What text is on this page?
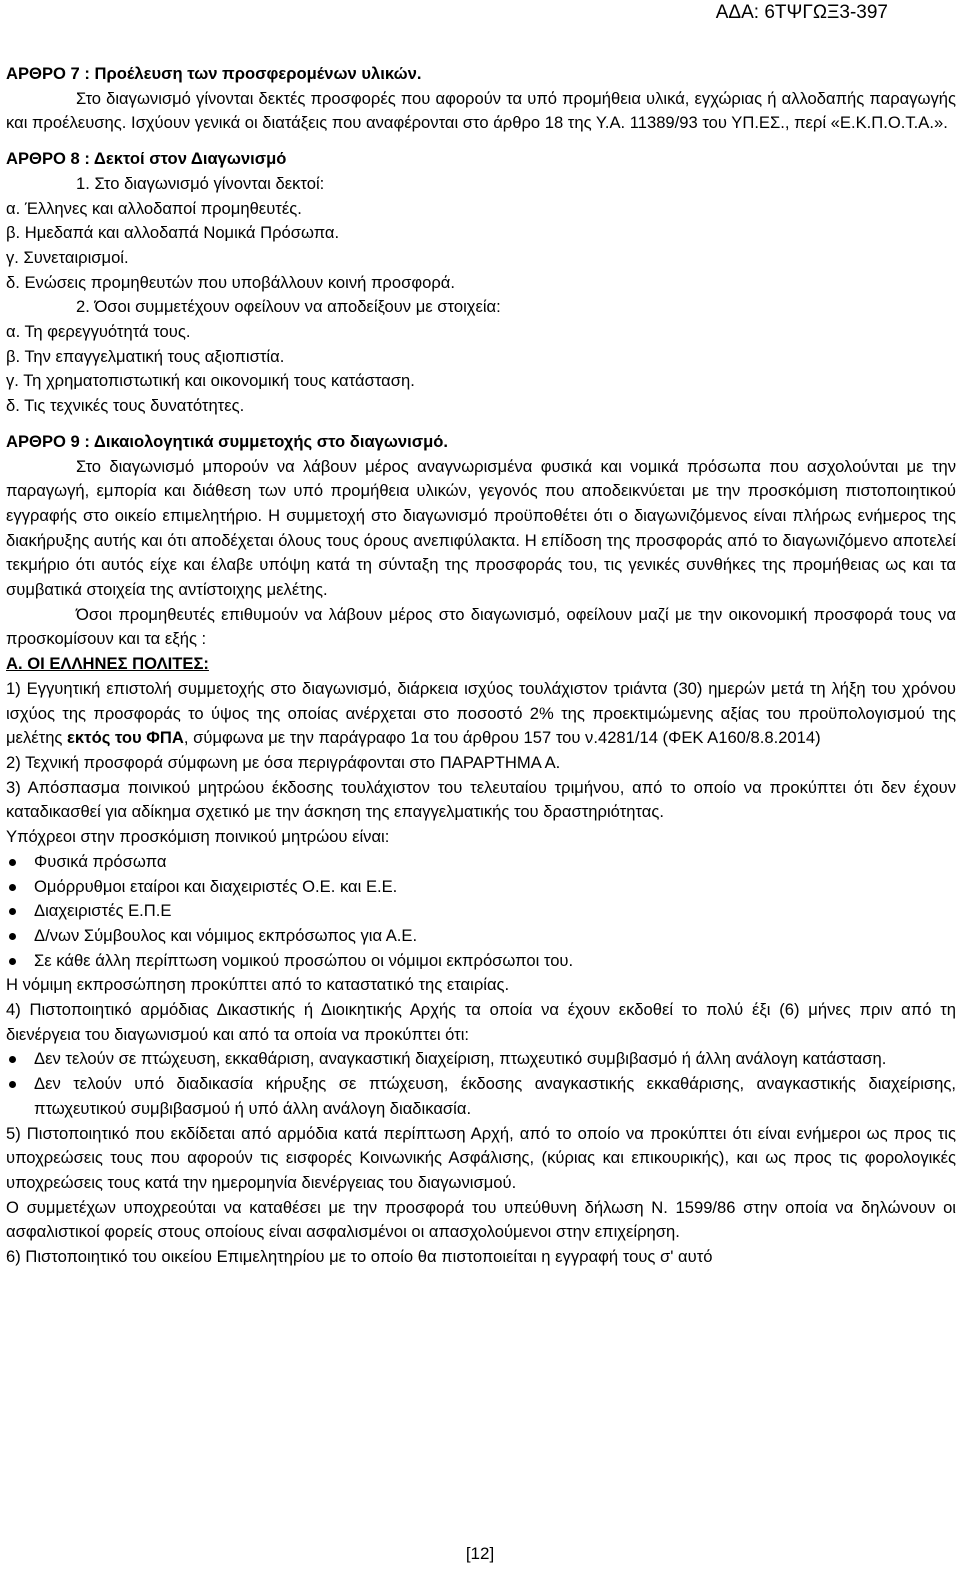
ΑΔΑ: 6ΤΨΓΩΞ3-397

ΑΡΘΡΟ 7 : Προέλευση των προσφερομένων υλικών.

Στο διαγωνισμό γίνονται δεκτές προσφορές που αφορούν τα υπό προμήθεια υλικά, εγχώριας ή αλλοδαπής παραγωγής και προέλευσης. Ισχύουν γενικά οι διατάξεις που αναφέρονται στο άρθρο 18 της Υ.Α. 11389/93 του ΥΠ.ΕΣ., περί «Ε.Κ.Π.Ο.Τ.Α.».

ΑΡΘΡΟ 8 : Δεκτοί στον Διαγωνισμό

1. Στο διαγωνισμό γίνονται δεκτοί:

α. Έλληνες και αλλοδαποί προμηθευτές.

β. Ημεδαπά και αλλοδαπά Νομικά Πρόσωπα.

γ. Συνεταιρισμοί.

δ. Ενώσεις προμηθευτών που υποβάλλουν κοινή προσφορά.

2. Όσοι συμμετέχουν οφείλουν να αποδείξουν με στοιχεία:

α. Τη φερεγγυότητά τους.

β. Την επαγγελματική τους αξιοπιστία.

γ. Τη χρηματοπιστωτική και οικονομική τους κατάσταση.

δ. Τις τεχνικές τους δυνατότητες.

ΑΡΘΡΟ 9 : Δικαιολογητικά συμμετοχής στο διαγωνισμό.

Στο διαγωνισμό μπορούν να λάβουν μέρος αναγνωρισμένα φυσικά και νομικά πρόσωπα που ασχολούνται με την παραγωγή, εμπορία και διάθεση των υπό προμήθεια υλικών, γεγονός που αποδεικνύεται με την προσκόμιση πιστοποιητικού εγγραφής στο οικείο επιμελητήριο. Η συμμετοχή στο διαγωνισμό προϋποθέτει ότι ο διαγωνιζόμενος είναι πλήρως ενήμερος της διακήρυξης αυτής και ότι αποδέχεται όλους τους όρους ανεπιφύλακτα. Η επίδοση της προσφοράς από το διαγωνιζόμενο αποτελεί τεκμήριο ότι αυτός είχε και έλαβε υπόψη κατά τη σύνταξη της προσφοράς του, τις γενικές συνθήκες της προμήθειας ως και τα συμβατικά στοιχεία της αντίστοιχης μελέτης.

Όσοι προμηθευτές επιθυμούν να λάβουν μέρος στο διαγωνισμό, οφείλουν μαζί με την οικονομική προσφορά τους να προσκομίσουν και τα εξής :

Α. ΟΙ ΕΛΛΗΝΕΣ ΠΟΛΙΤΕΣ:

1) Εγγυητική επιστολή συμμετοχής στο διαγωνισμό, διάρκεια ισχύος τουλάχιστον τριάντα (30) ημερών μετά τη λήξη του χρόνου ισχύος της προσφοράς το ύψος της οποίας ανέρχεται στο ποσοστό 2% της προεκτιμώμενης αξίας του προϋπολογισμού της μελέτης εκτός του ΦΠΑ, σύμφωνα με την παράγραφο 1α του άρθρου 157 του ν.4281/14 (ΦΕΚ Α160/8.8.2014)

2) Τεχνική προσφορά σύμφωνη με όσα περιγράφονται στο ΠΑΡΑΡΤΗΜΑ Α.

3) Απόσπασμα ποινικού μητρώου έκδοσης τουλάχιστον του τελευταίου τριμήνου, από το οποίο να προκύπτει ότι δεν έχουν καταδικασθεί για αδίκημα σχετικό με την άσκηση της επαγγελματικής του δραστηριότητας.

Υπόχρεοι στην προσκόμιση ποινικού μητρώου είναι:

Φυσικά πρόσωπα
Ομόρρυθμοι εταίροι και διαχειριστές Ο.Ε. και Ε.Ε.
Διαχειριστές Ε.Π.Ε
Δ/νων Σύμβουλος και νόμιμος εκπρόσωπος για Α.Ε.
Σε κάθε άλλη περίπτωση νομικού προσώπου οι νόμιμοι εκπρόσωποι του.

Η νόμιμη εκπροσώπηση προκύπτει από το καταστατικό της εταιρίας.

4) Πιστοποιητικό αρμόδιας Δικαστικής ή Διοικητικής Αρχής τα οποία να έχουν εκδοθεί το πολύ έξι (6) μήνες πριν από τη διενέργεια του διαγωνισμού και από τα οποία να προκύπτει ότι:

Δεν τελούν σε πτώχευση, εκκαθάριση, αναγκαστική διαχείριση, πτωχευτικό συμβιβασμό ή άλλη ανάλογη κατάσταση.
Δεν τελούν υπό διαδικασία κήρυξης σε πτώχευση, έκδοσης αναγκαστικής εκκαθάρισης, αναγκαστικής διαχείρισης, πτωχευτικού συμβιβασμού ή υπό άλλη ανάλογη διαδικασία.

5) Πιστοποιητικό που εκδίδεται από αρμόδια κατά περίπτωση Αρχή, από το οποίο να προκύπτει ότι είναι ενήμεροι ως προς τις υποχρεώσεις τους που αφορούν τις εισφορές Κοινωνικής Ασφάλισης, (κύριας και επικουρικής), και ως προς τις φορολογικές υποχρεώσεις τους κατά την ημερομηνία διενέργειας του διαγωνισμού.

Ο συμμετέχων υποχρεούται να καταθέσει με την προσφορά του υπεύθυνη δήλωση Ν. 1599/86 στην οποία να δηλώνουν οι ασφαλιστικοί φορείς στους οποίους είναι ασφαλισμένοι οι απασχολούμενοι στην επιχείρηση.

6) Πιστοποιητικό του οικείου Επιμελητηρίου με το οποίο θα πιστοποιείται η εγγραφή τους σ' αυτό

[12]
